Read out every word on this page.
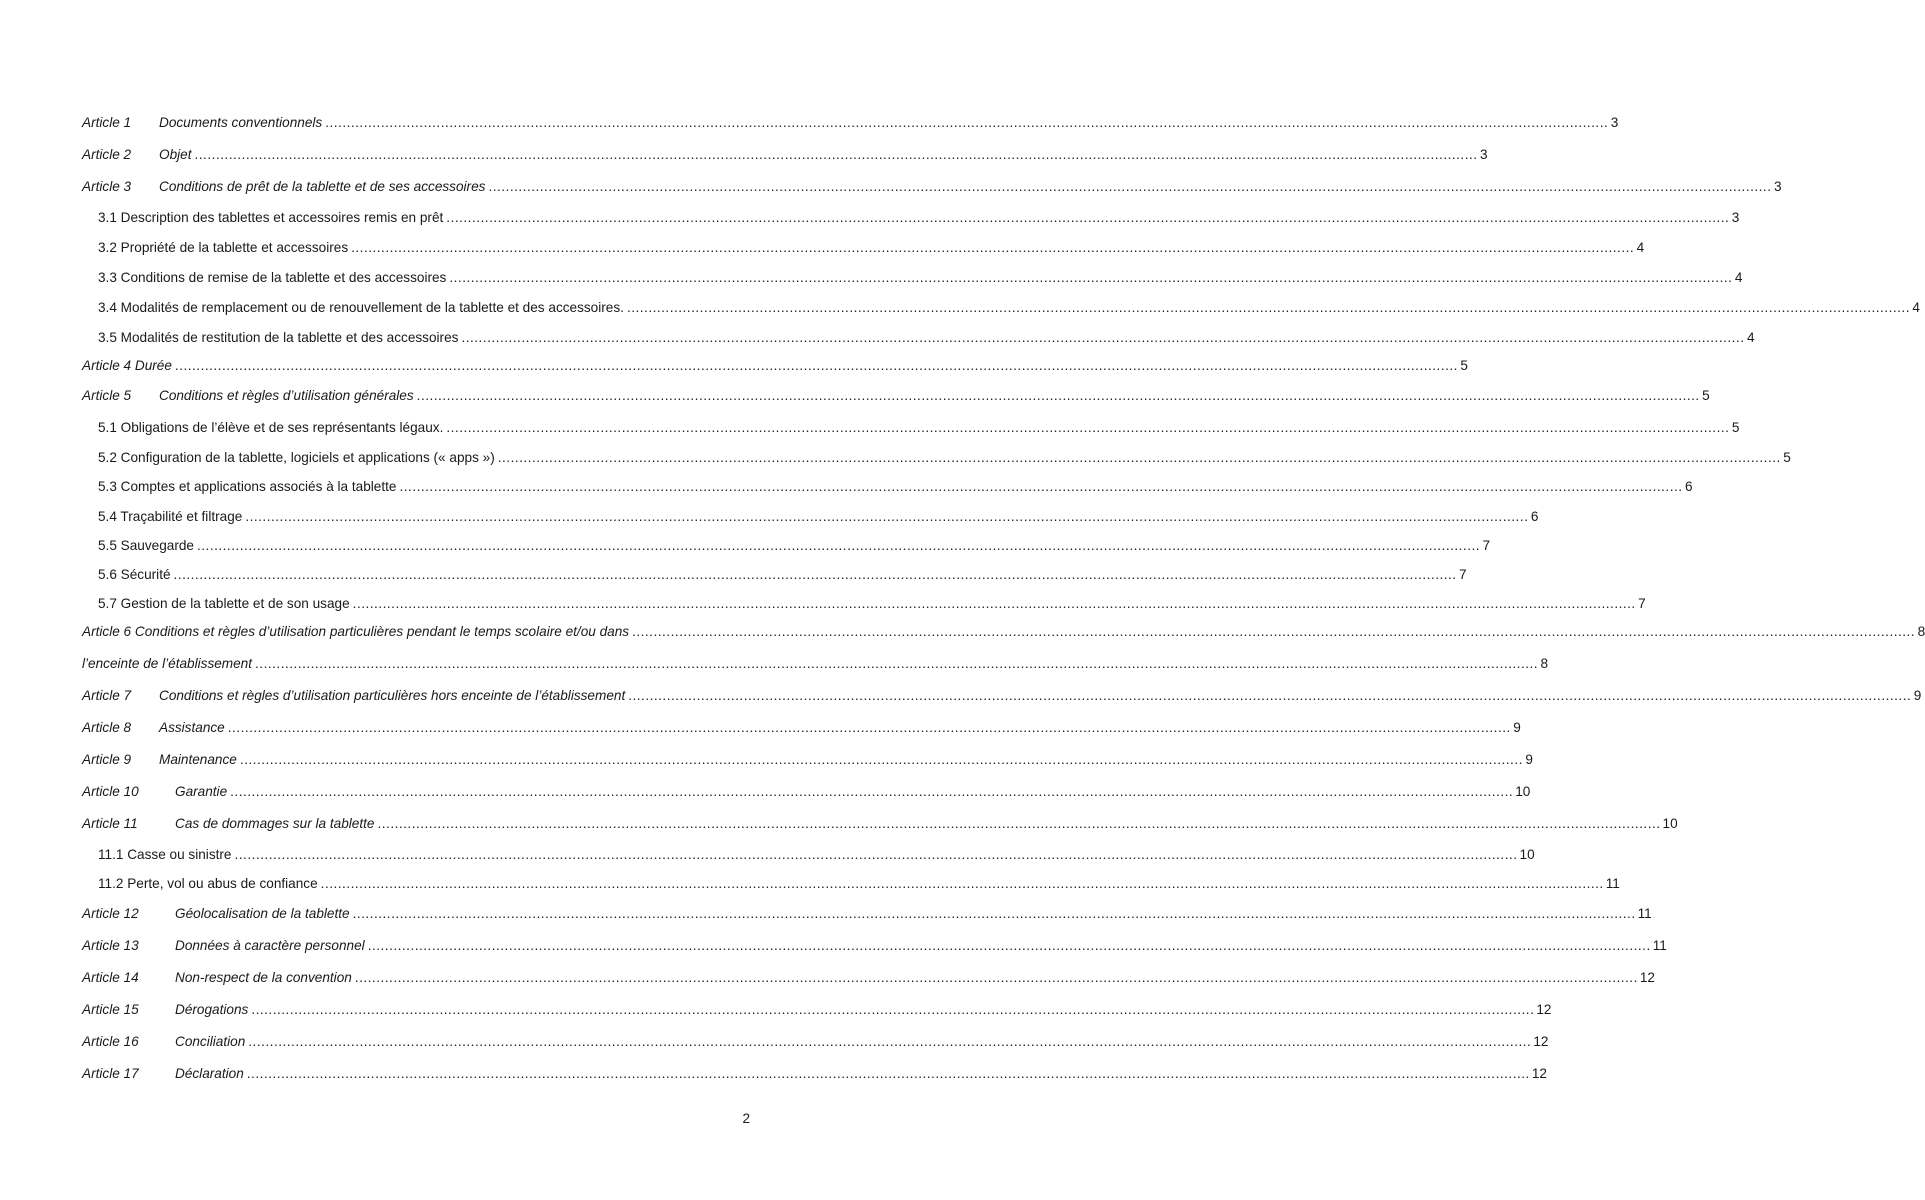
Article 1	Documents conventionnels ............................................................................................................................................................................................................................................................................................................ 3
Article 2	Objet ............................................................................................................................................................................................................................................................................................................ 3
Article 3	Conditions de prêt de la tablette et de ses accessoires ............................................................................................................................................................................................................................................................................................................ 3
3.1 Description des tablettes et accessoires remis en prêt ............................................................................................................................................................................................................................................................................................................ 3
3.2 Propriété de la tablette et accessoires ............................................................................................................................................................................................................................................................................................................ 4
3.3 Conditions de remise de la tablette et des accessoires ............................................................................................................................................................................................................................................................................................................ 4
3.4 Modalités de remplacement ou de renouvellement de la tablette et des accessoires. ............................................................................................................................................................................................................................................................................................................ 4
3.5 Modalités de restitution de la tablette et des accessoires ............................................................................................................................................................................................................................................................................................................ 4
Article 4 Durée ............................................................................................................................................................................................................................................................................................................ 5
Article 5	Conditions et règles d’utilisation générales ............................................................................................................................................................................................................................................................................................................ 5
5.1 Obligations de l’élève et de ses représentants légaux. ............................................................................................................................................................................................................................................................................................................ 5
5.2 Configuration de la tablette, logiciels et applications (« apps ») ............................................................................................................................................................................................................................................................................................................ 5
5.3 Comptes et applications associés à la tablette ............................................................................................................................................................................................................................................................................................................ 6
5.4 Traçabilité et filtrage ............................................................................................................................................................................................................................................................................................................ 6
5.5 Sauvegarde ............................................................................................................................................................................................................................................................................................................ 7
5.6 Sécurité ............................................................................................................................................................................................................................................................................................................ 7
5.7 Gestion de la tablette et de son usage ............................................................................................................................................................................................................................................................................................................ 7
Article 6 Conditions et règles d’utilisation particulières pendant le temps scolaire et/ou dans ............................................................................................................................................................................................................................................................................................................ 8
l’enceinte de l’établissement ............................................................................................................................................................................................................................................................................................................ 8
Article 7	Conditions et règles d’utilisation particulières hors enceinte de l’établissement ............................................................................................................................................................................................................................................................................................................ 9
Article 8	Assistance ............................................................................................................................................................................................................................................................................................................ 9
Article 9	Maintenance ............................................................................................................................................................................................................................................................................................................ 9
Article 10	Garantie ............................................................................................................................................................................................................................................................................................................ 10
Article 11	Cas de dommages sur la tablette ............................................................................................................................................................................................................................................................................................................ 10
11.1 Casse ou sinistre ............................................................................................................................................................................................................................................................................................................ 10
11.2 Perte, vol ou abus de confiance ............................................................................................................................................................................................................................................................................................................ 11
Article 12	Géolocalisation de la tablette ............................................................................................................................................................................................................................................................................................................ 11
Article 13	Données à caractère personnel ............................................................................................................................................................................................................................................................................................................ 11
Article 14	Non-respect de la convention ............................................................................................................................................................................................................................................................................................................ 12
Article 15	Dérogations ............................................................................................................................................................................................................................................................................................................ 12
Article 16	Conciliation ............................................................................................................................................................................................................................................................................................................ 12
Article 17	Déclaration ............................................................................................................................................................................................................................................................................................................ 12
2
